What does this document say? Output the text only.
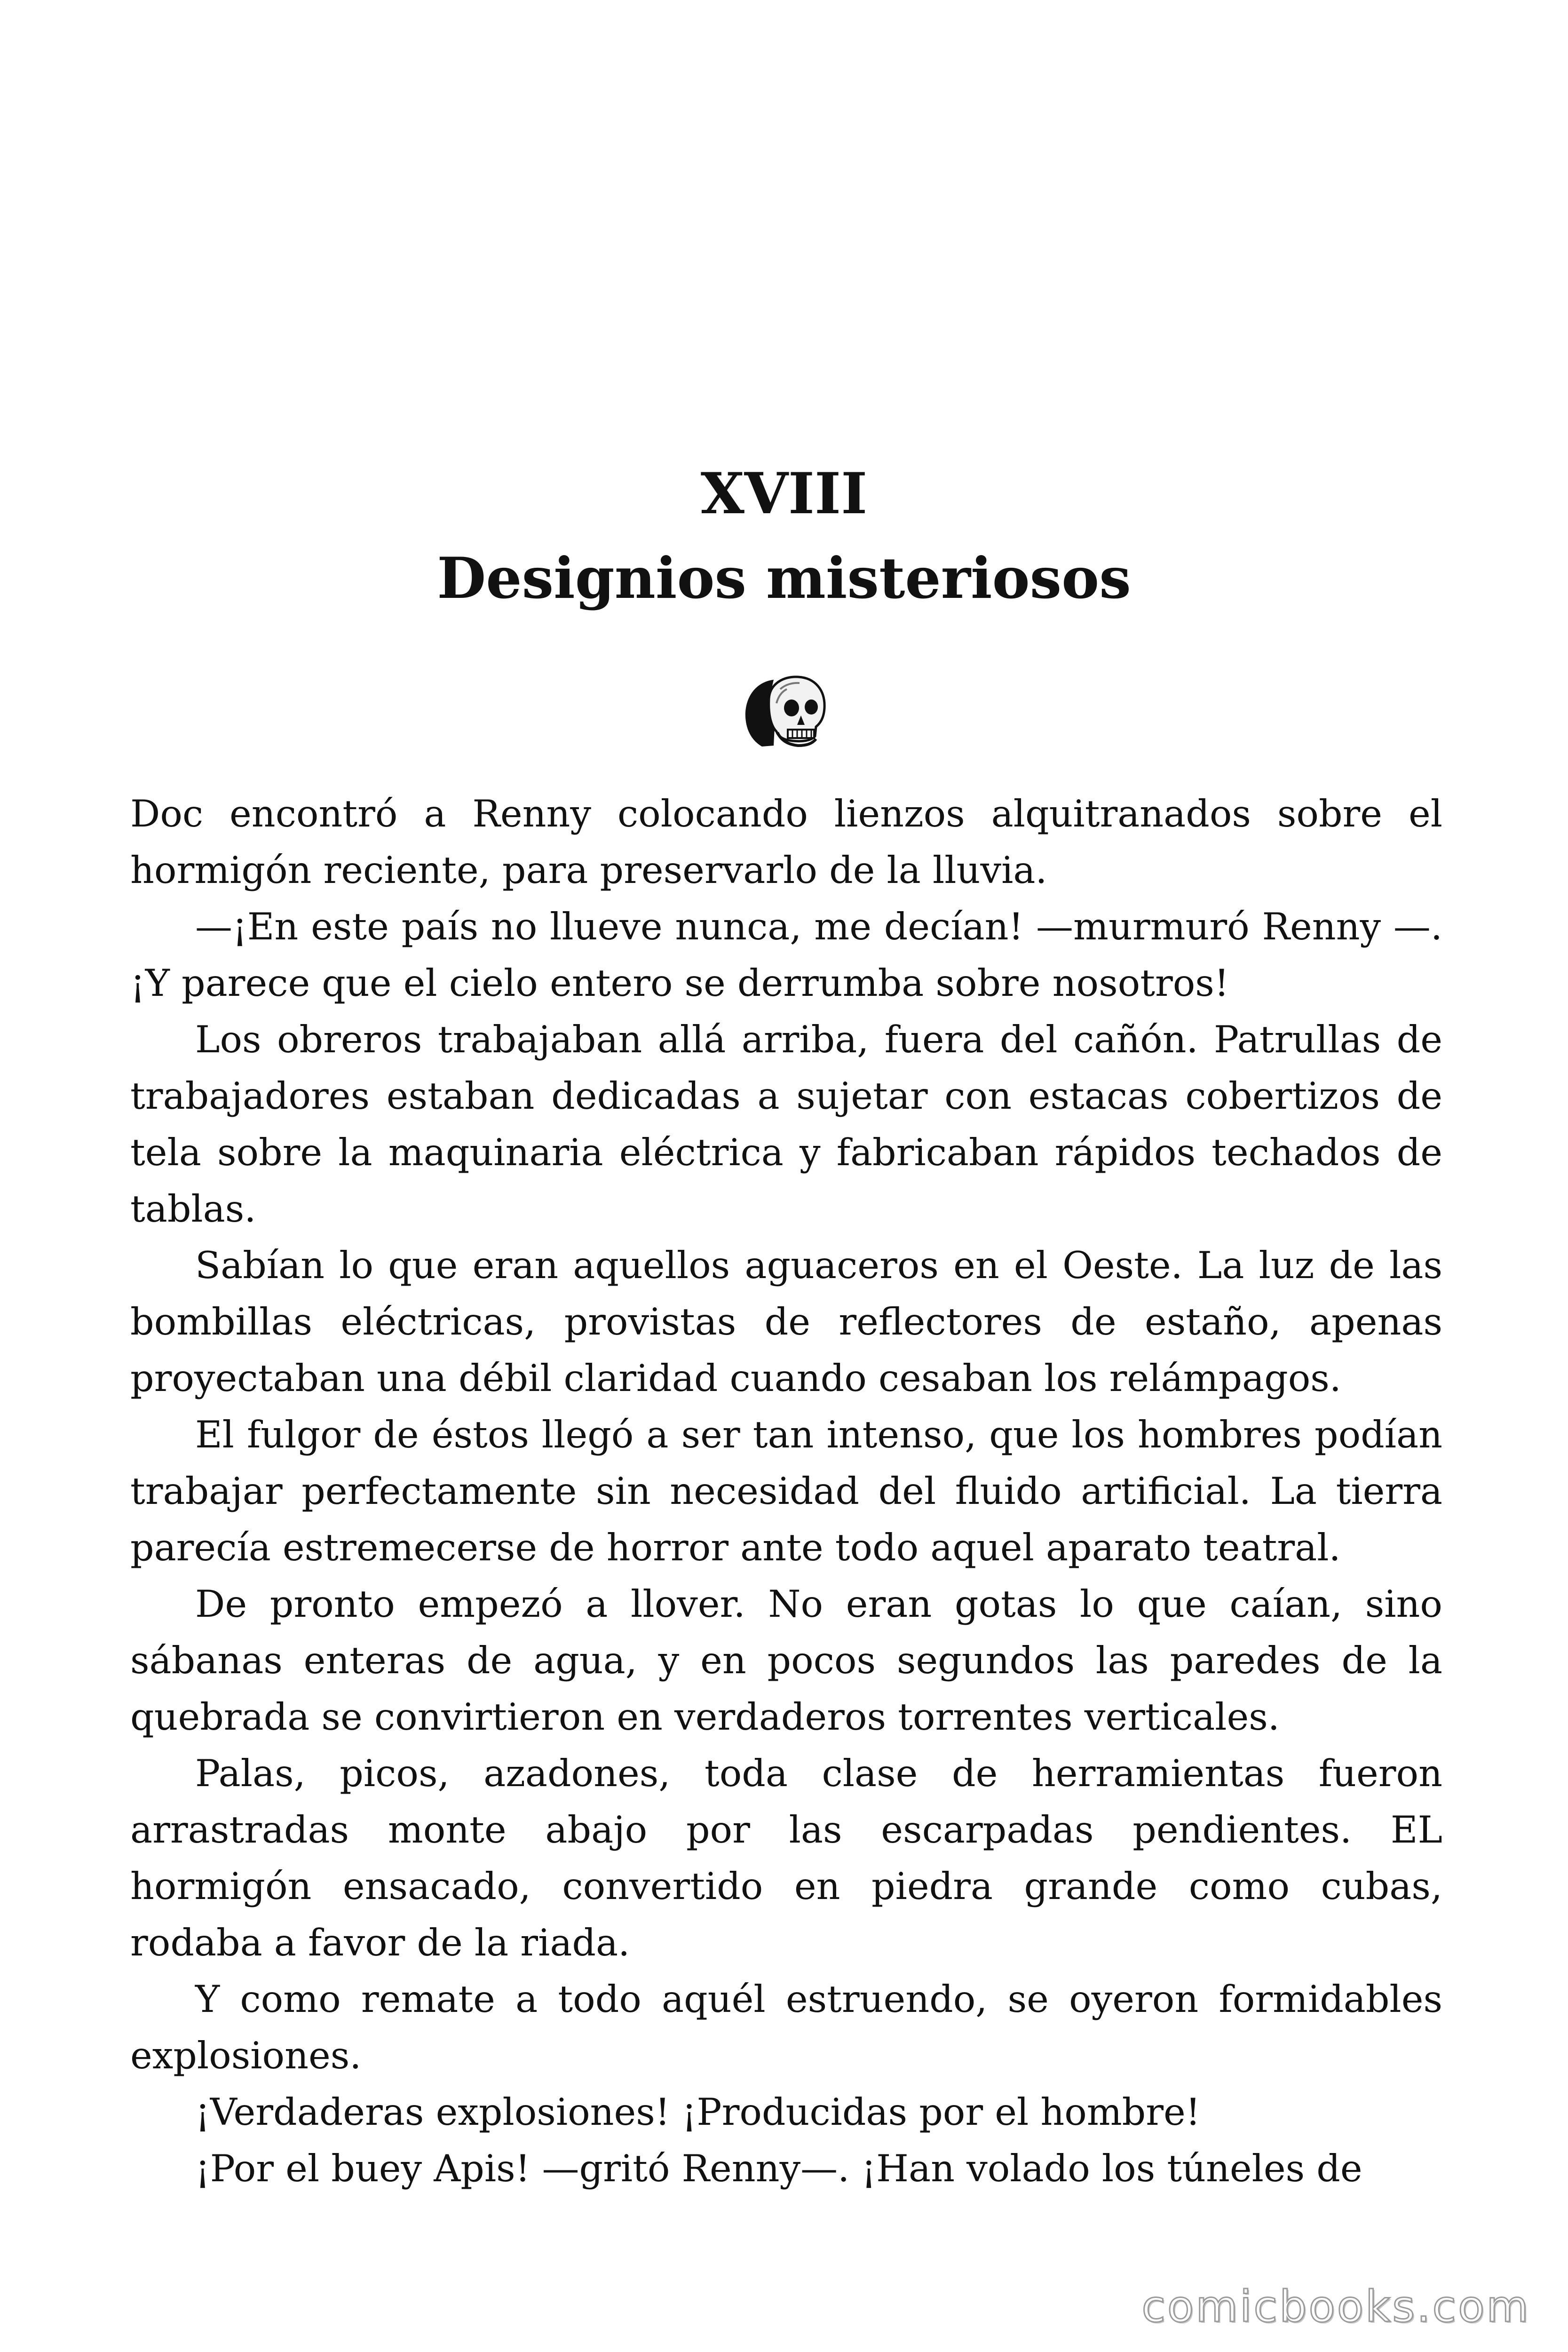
XVIII
Designios misteriosos

Doc encontró a Renny colocando lienzos alquitranados sobre el hormigón reciente, para preservarlo de la lluvia.

—¡En este país no llueve nunca, me decían! —murmuró Renny —. ¡Y parece que el cielo entero se derrumba sobre nosotros!

Los obreros trabajaban allá arriba, fuera del cañón. Patrullas de trabajadores estaban dedicadas a sujetar con estacas cobertizos de tela sobre la maquinaria eléctrica y fabricaban rápidos techados de tablas.

Sabían lo que eran aquellos aguaceros en el Oeste. La luz de las bombillas eléctricas, provistas de reflectores de estaño, apenas proyectaban una débil claridad cuando cesaban los relámpagos.

El fulgor de éstos llegó a ser tan intenso, que los hombres podían trabajar perfectamente sin necesidad del fluido artificial. La tierra parecía estremecerse de horror ante todo aquel aparato teatral.

De pronto empezó a llover. No eran gotas lo que caían, sino sábanas enteras de agua, y en pocos segundos las paredes de la quebrada se convirtieron en verdaderos torrentes verticales.

Palas, picos, azadones, toda clase de herramientas fueron arrastradas monte abajo por las escarpadas pendientes. EL hormigón ensacado, convertido en piedra grande como cubas, rodaba a favor de la riada.

Y como remate a todo aquél estruendo, se oyeron formidables explosiones.

¡Verdaderas explosiones! ¡Producidas por el hombre!

¡Por el buey Apis! —gritó Renny—. ¡Han volado los túneles de

comicbooks.com
